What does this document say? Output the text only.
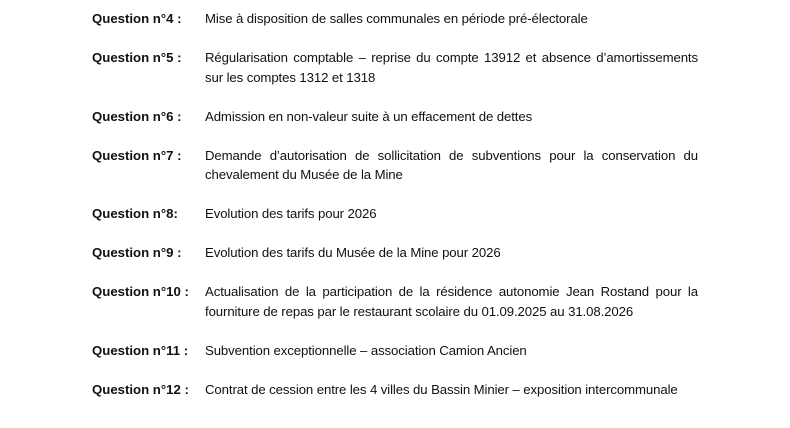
Question n°4 :	Mise à disposition de salles communales en période pré-électorale
Question n°5 :	Régularisation comptable – reprise du compte 13912 et absence d’amortissements sur les comptes 1312 et 1318
Question n°6 :	Admission en non-valeur suite à un effacement de dettes
Question n°7 :	Demande d’autorisation de sollicitation de subventions pour la conservation du chevalement du Musée de la Mine
Question n°8:	Evolution des tarifs pour 2026
Question n°9 :	Evolution des tarifs du Musée de la Mine pour 2026
Question n°10 :	Actualisation de la participation de la résidence autonomie Jean Rostand pour la fourniture de repas par le restaurant scolaire du 01.09.2025 au 31.08.2026
Question n°11 :	Subvention exceptionnelle – association Camion Ancien
Question n°12 :	Contrat de cession entre les 4 villes du Bassin Minier – exposition intercommunale
